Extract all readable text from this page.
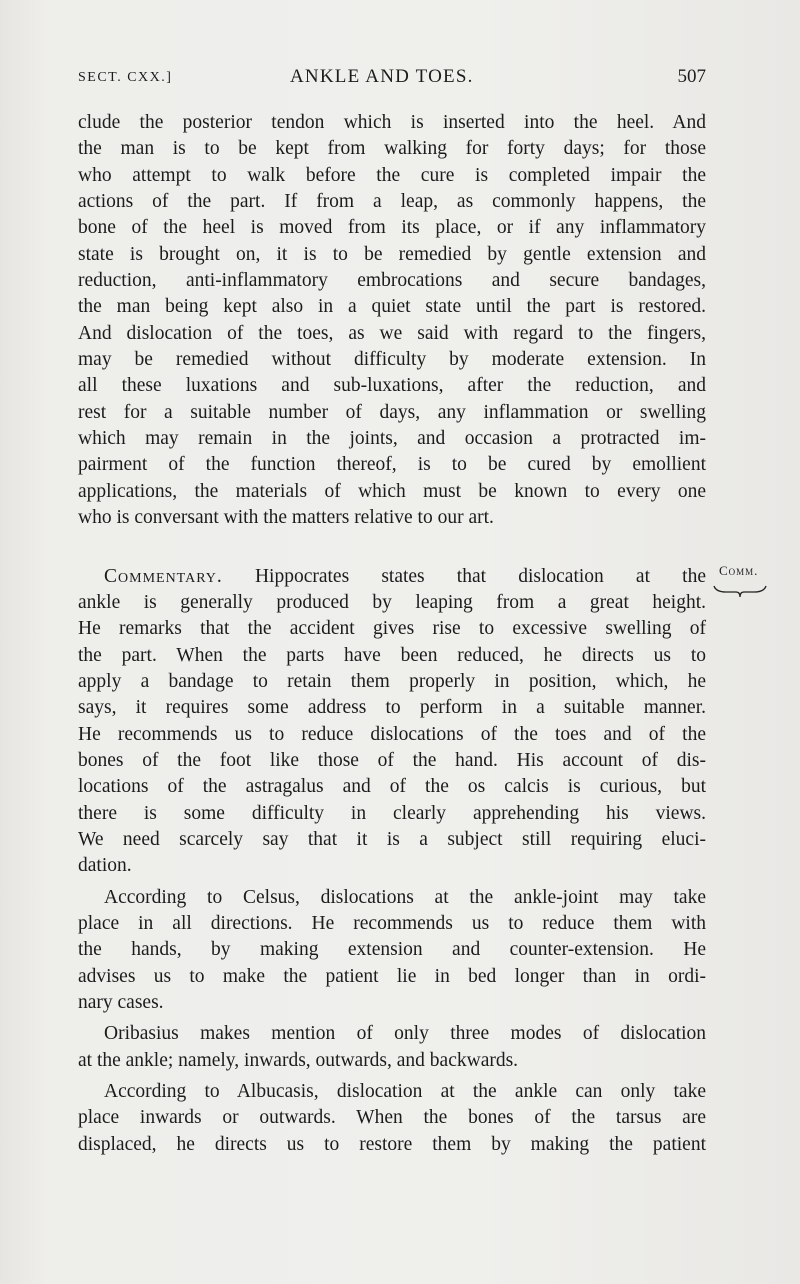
SECT. CXX.]	ANKLE AND TOES.	507
clude the posterior tendon which is inserted into the heel. And
the man is to be kept from walking for forty days; for those
who attempt to walk before the cure is completed impair the
actions of the part. If from a leap, as commonly happens, the
bone of the heel is moved from its place, or if any inflammatory
state is brought on, it is to be remedied by gentle extension and
reduction, anti-inflammatory embrocations and secure bandages,
the man being kept also in a quiet state until the part is restored.
And dislocation of the toes, as we said with regard to the fingers,
may be remedied without difficulty by moderate extension. In
all these luxations and sub-luxations, after the reduction, and
rest for a suitable number of days, any inflammation or swelling
which may remain in the joints, and occasion a protracted im-
pairment of the function thereof, is to be cured by emollient
applications, the materials of which must be known to every one
who is conversant with the matters relative to our art.
Commentary. Hippocrates states that dislocation at the
ankle is generally produced by leaping from a great height.
He remarks that the accident gives rise to excessive swelling of
the part. When the parts have been reduced, he directs us to
apply a bandage to retain them properly in position, which, he
says, it requires some address to perform in a suitable manner.
He recommends us to reduce dislocations of the toes and of the
bones of the foot like those of the hand. His account of dis-
locations of the astragalus and of the os calcis is curious, but
there is some difficulty in clearly apprehending his views.
We need scarcely say that it is a subject still requiring eluci-
dation.
According to Celsus, dislocations at the ankle-joint may take
place in all directions. He recommends us to reduce them with
the hands, by making extension and counter-extension. He
advises us to make the patient lie in bed longer than in ordi-
nary cases.
Oribasius makes mention of only three modes of dislocation
at the ankle; namely, inwards, outwards, and backwards.
According to Albucasis, dislocation at the ankle can only take
place inwards or outwards. When the bones of the tarsus are
displaced, he directs us to restore them by making the patient
Comm.
